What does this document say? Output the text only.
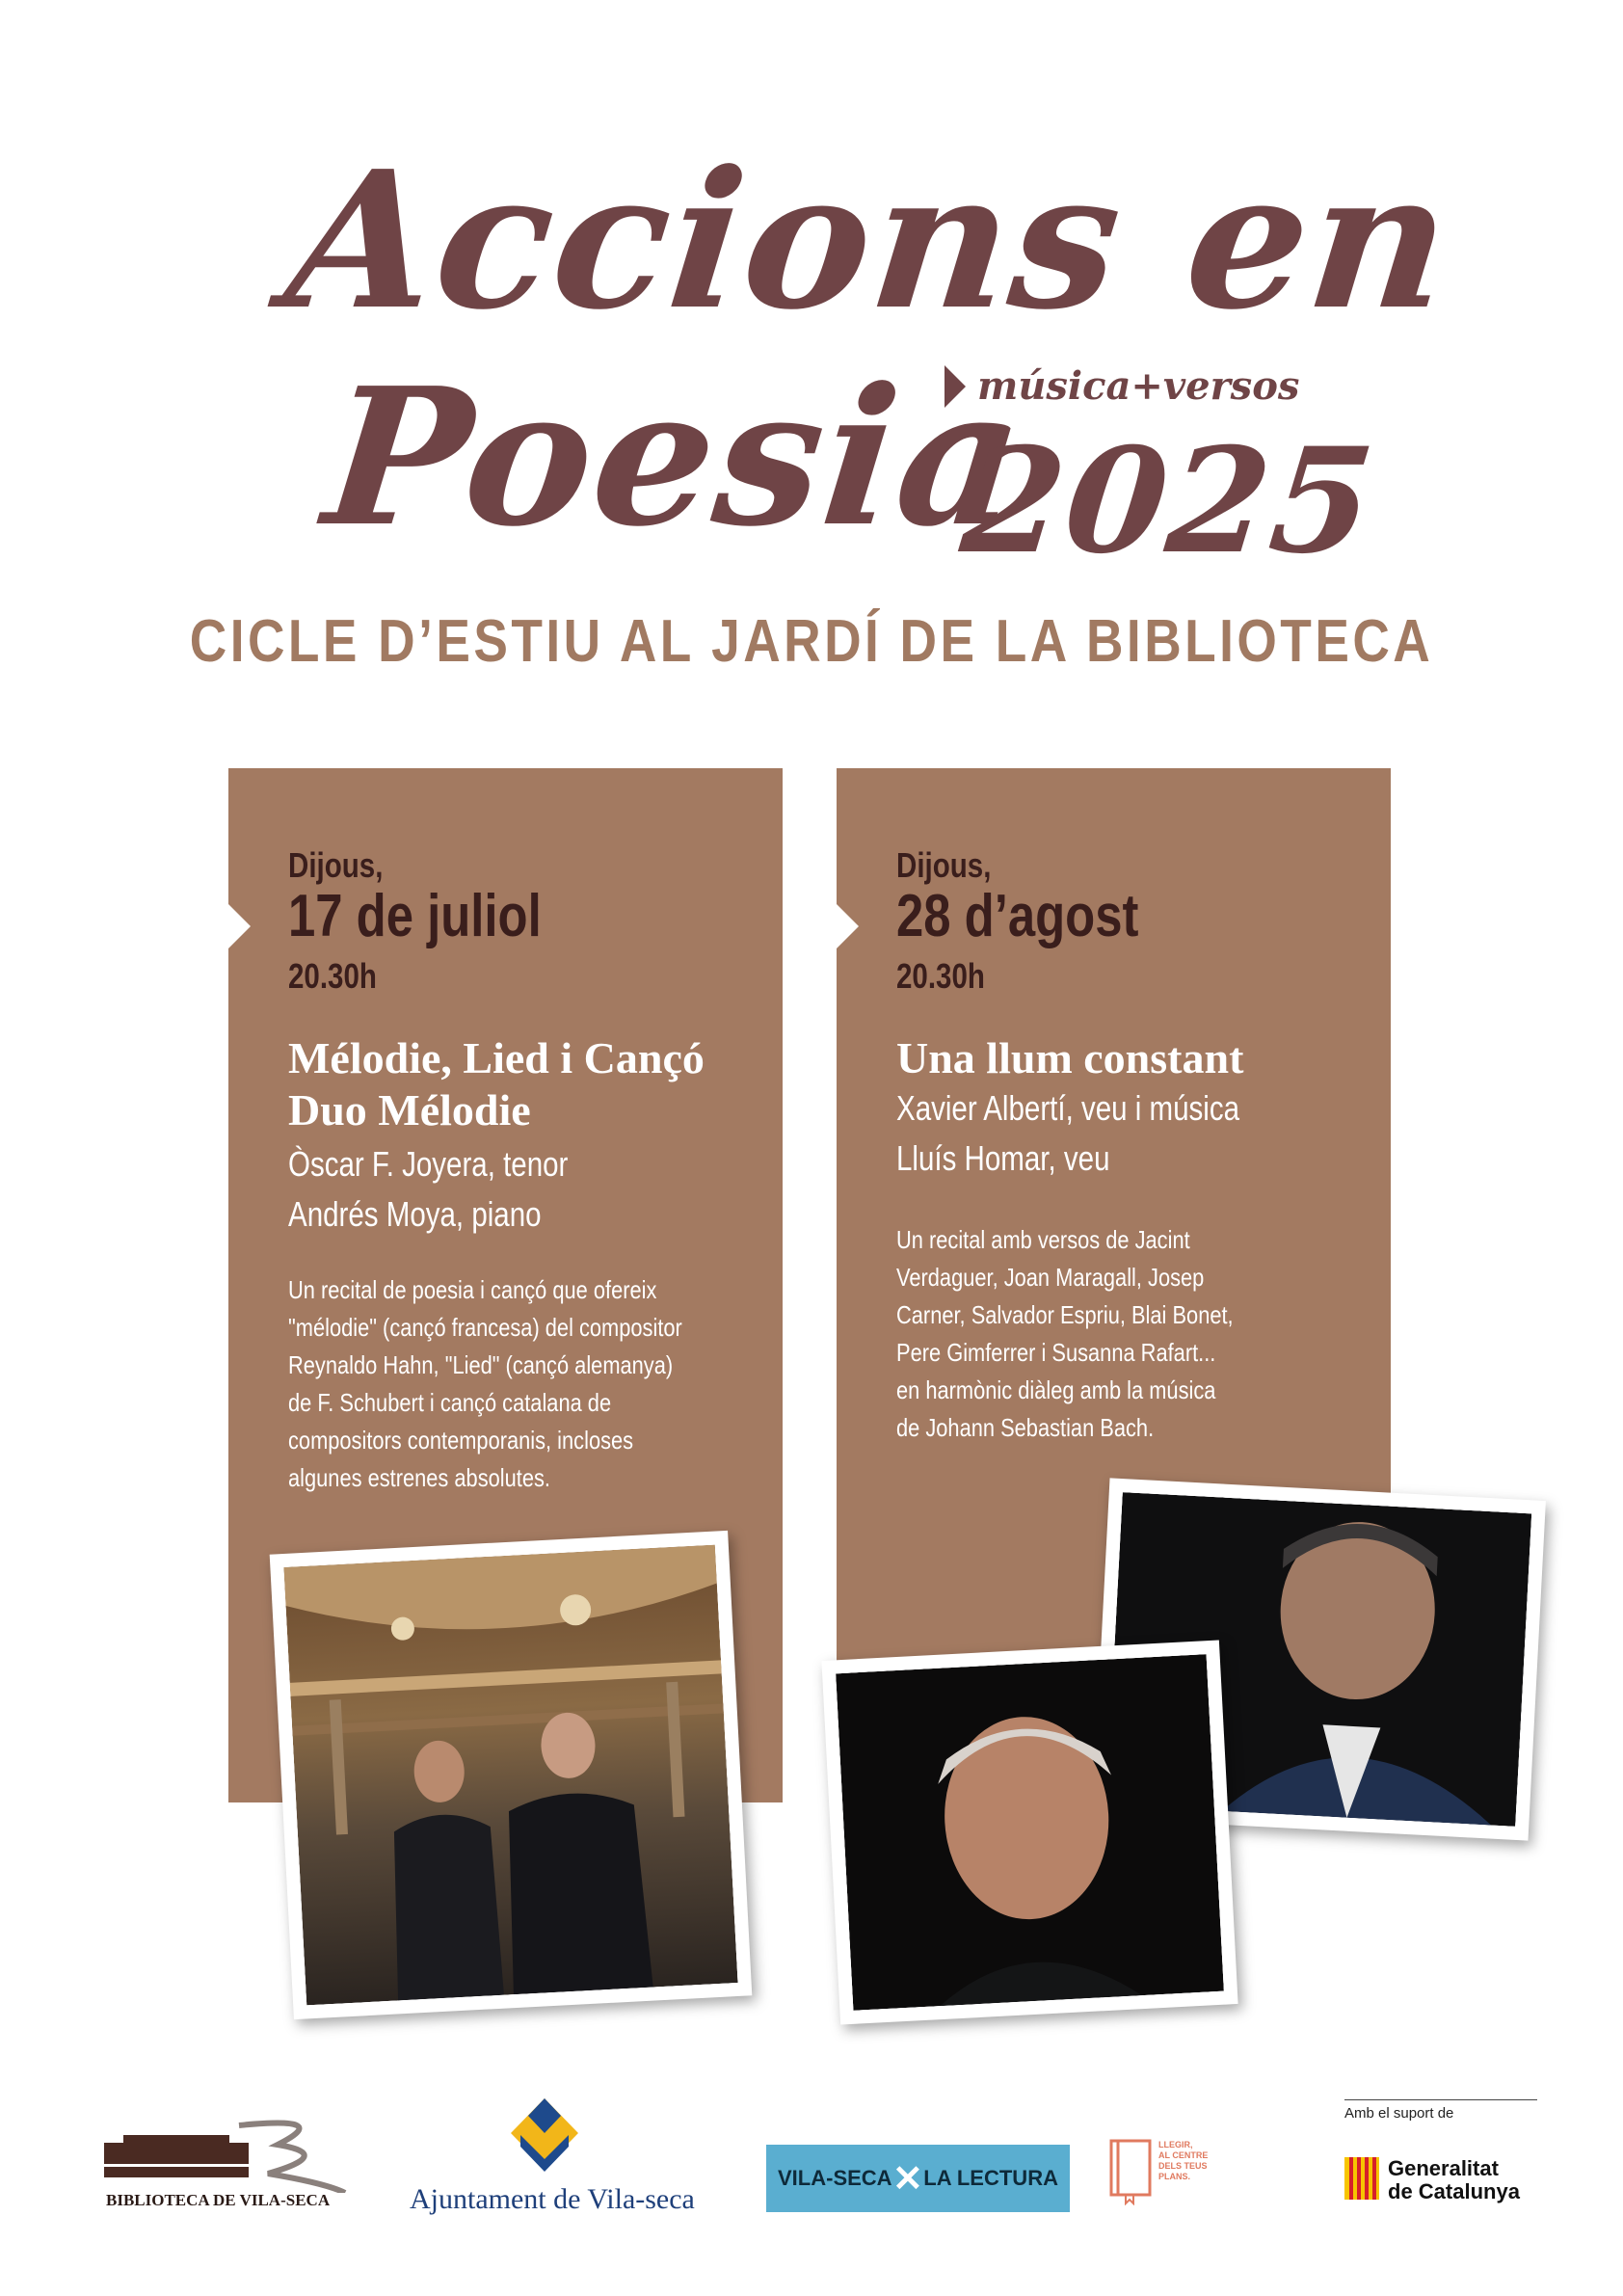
Accions en
música+versos
Poesia
2025
CICLE D’ESTIU AL JARDÍ DE LA BIBLIOTECA
Dijous,
17 de juliol
20.30h
Mélodie, Lied i Cançó
Duo Mélodie
Òscar F. Joyera, tenor
Andrés Moya, piano
Un recital de poesia i cançó que ofereix
"mélodie" (cançó francesa) del compositor
Reynaldo Hahn, "Lied" (cançó alemanya)
de F. Schubert i cançó catalana de
compositors contemporanis, incloses
algunes estrenes absolutes.
Dijous,
28 d’agost
20.30h
Una llum constant
Xavier Albertí, veu i música
Lluís Homar, veu
Un recital amb versos de Jacint
Verdaguer, Joan Maragall, Josep
Carner, Salvador Espriu, Blai Bonet,
Pere Gimferrer i Susanna Rafart...
en harmònic diàleg amb la música
de Johann Sebastian Bach.
BIBLIOTECA DE VILA-SECA	Ajuntament de Vila-seca
VILA-SECA ✕ LA LECTURA
LLEGIR,
AL CENTRE
DELS TEUS
PLANS.
Amb el suport de
Generalitat
de Catalunya
